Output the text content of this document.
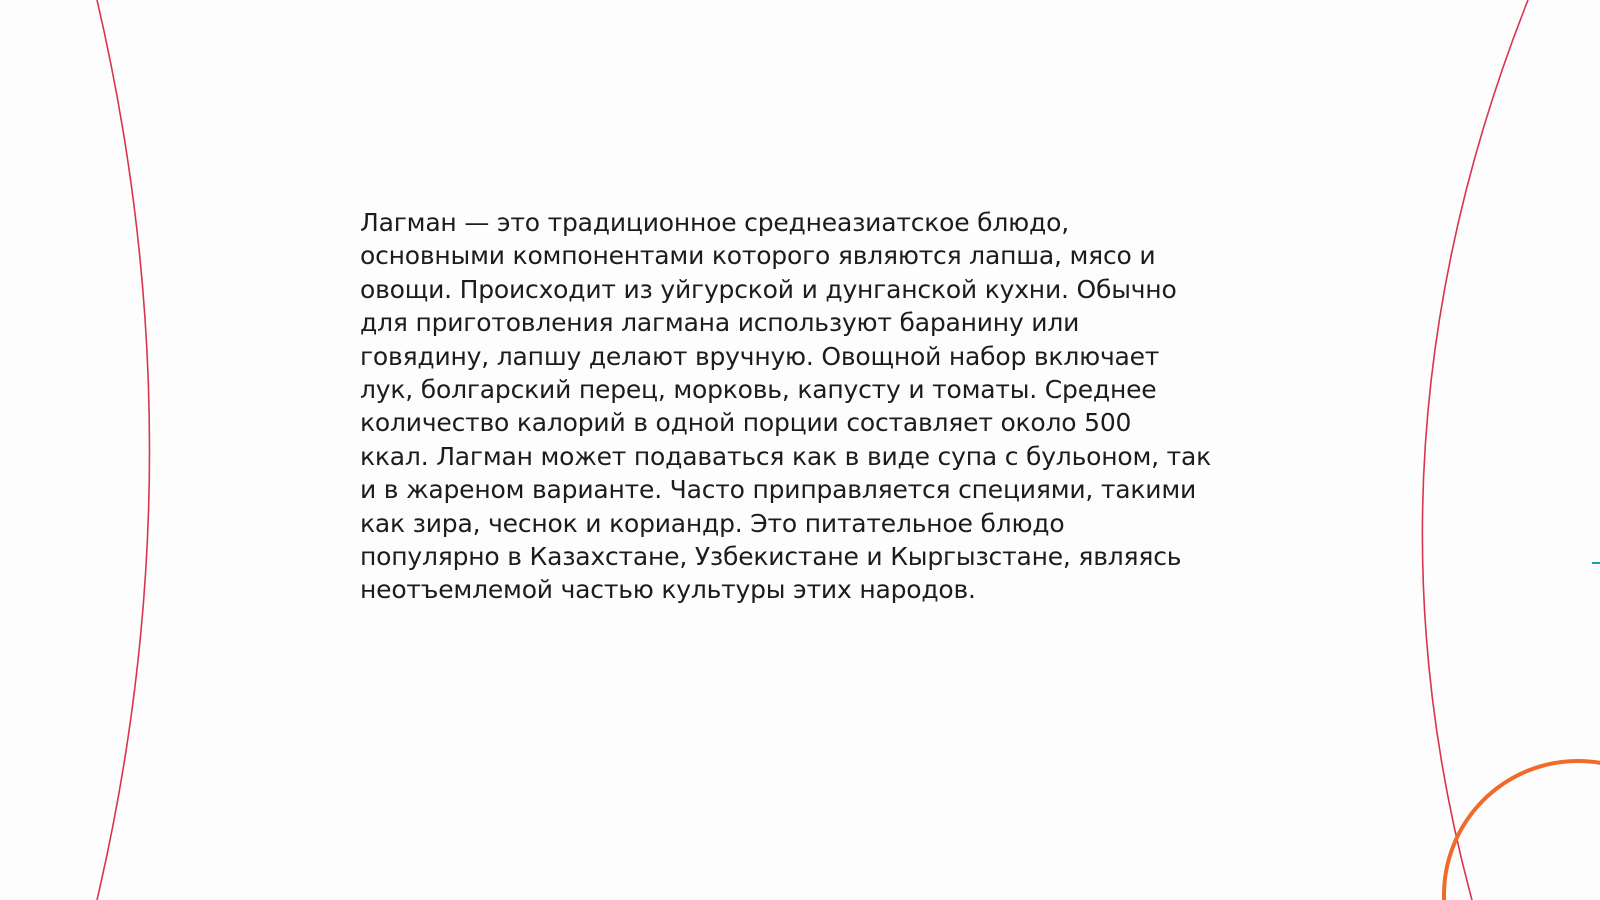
Лагман — это традиционное среднеазиатское блюдо,
основными компонентами которого являются лапша, мясо и
овощи. Происходит из уйгурской и дунганской кухни. Обычно
для приготовления лагмана используют баранину или
говядину, лапшу делают вручную. Овощной набор включает
лук, болгарский перец, морковь, капусту и томаты. Среднее
количество калорий в одной порции составляет около 500
ккал. Лагман может подаваться как в виде супа с бульоном, так
и в жареном варианте. Часто приправляется специями, такими
как зира, чеснок и кориандр. Это питательное блюдо
популярно в Казахстане, Узбекистане и Кыргызстане, являясь
неотъемлемой частью культуры этих народов.
